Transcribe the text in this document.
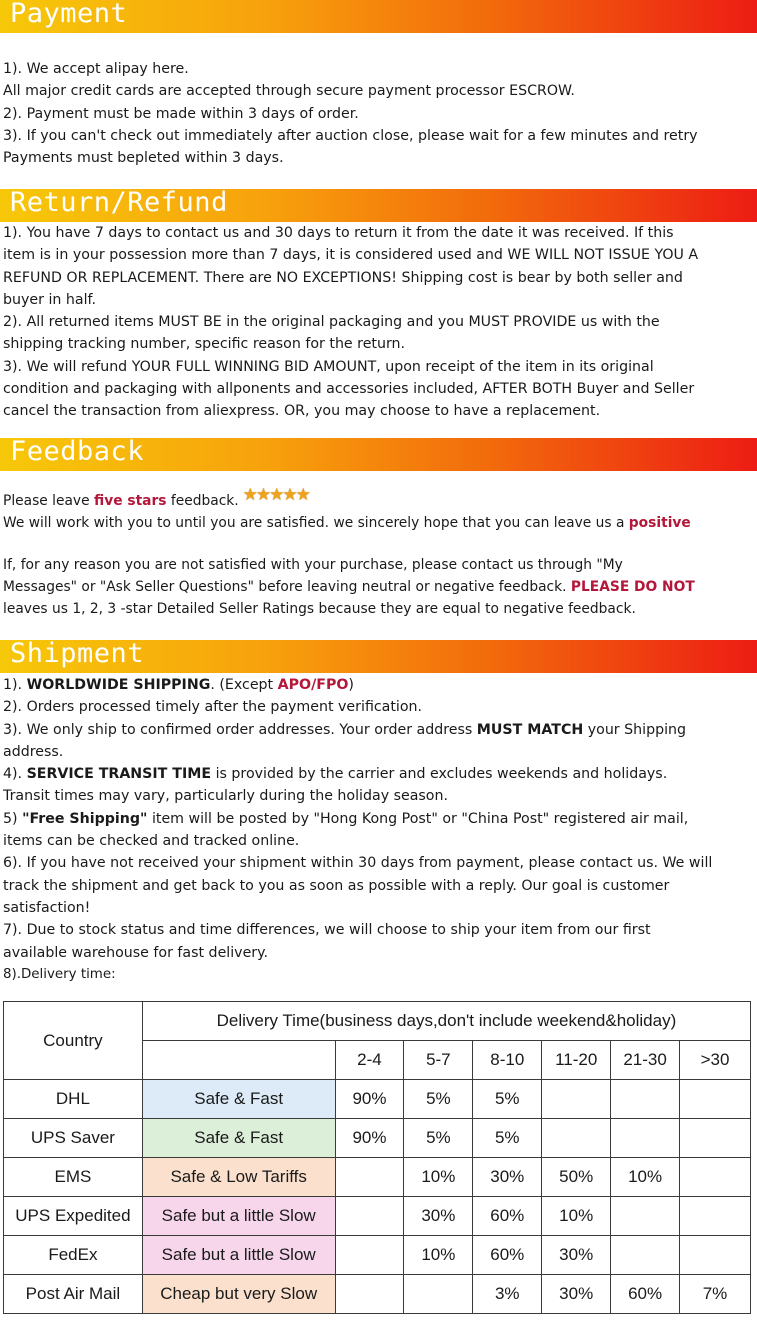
Payment

1). We accept alipay here.

All major credit cards are accepted through secure payment processor ESCROW.

2). Payment must be made within 3 days of order.

3). If you can't check out immediately after auction close, please wait for a few minutes and retry

Payments must bepleted within 3 days.

Return/Refund

1). You have 7 days to contact us and 30 days to return it from the date it was received. If this

item is in your possession more than 7 days, it is considered used and WE WILL NOT ISSUE YOU A

REFUND OR REPLACEMENT. There are NO EXCEPTIONS! Shipping cost is bear by both seller and

buyer in half.

2). All returned items MUST BE in the original packaging and you MUST PROVIDE us with the

shipping tracking number, specific reason for the return.

3). We will refund YOUR FULL WINNING BID AMOUNT, upon receipt of the item in its original

condition and packaging with allponents and accessories included, AFTER BOTH Buyer and Seller

cancel the transaction from aliexpress. OR, you may choose to have a replacement.

Feedback

Please leave five stars feedback. ★★★★★

We will work with you to until you are satisfied. we sincerely hope that you can leave us a positive

If, for any reason you are not satisfied with your purchase, please contact us through "My

Messages" or "Ask Seller Questions" before leaving neutral or negative feedback. PLEASE DO NOT

leaves us 1, 2, 3 -star Detailed Seller Ratings because they are equal to negative feedback.

Shipment

1). WORLDWIDE SHIPPING. (Except APO/FPO)

2). Orders processed timely after the payment verification.

3). We only ship to confirmed order addresses. Your order address MUST MATCH your Shipping

address.

4). SERVICE TRANSIT TIME is provided by the carrier and excludes weekends and holidays.

Transit times may vary, particularly during the holiday season.

5) "Free Shipping" item will be posted by "Hong Kong Post" or "China Post" registered air mail,

items can be checked and tracked online.

6). If you have not received your shipment within 30 days from payment, please contact us. We will

track the shipment and get back to you as soon as possible with a reply. Our goal is customer

satisfaction!

7). Due to stock status and time differences, we will choose to ship your item from our first

available warehouse for fast delivery.

8).Delivery time:

Country	Delivery Time(business days,don't include weekend&holiday)						
		2-4	5-7	8-10	11-20	21-30	>30
DHL	Safe & Fast	90%	5%	5%			
UPS Saver	Safe & Fast	90%	5%	5%			
EMS	Safe & Low Tariffs		10%	30%	50%	10%	
UPS Expedited	Safe but a little Slow		30%	60%	10%		
FedEx	Safe but a little Slow		10%	60%	30%		
Post Air Mail	Cheap but very Slow			3%	30%	60%	7%
